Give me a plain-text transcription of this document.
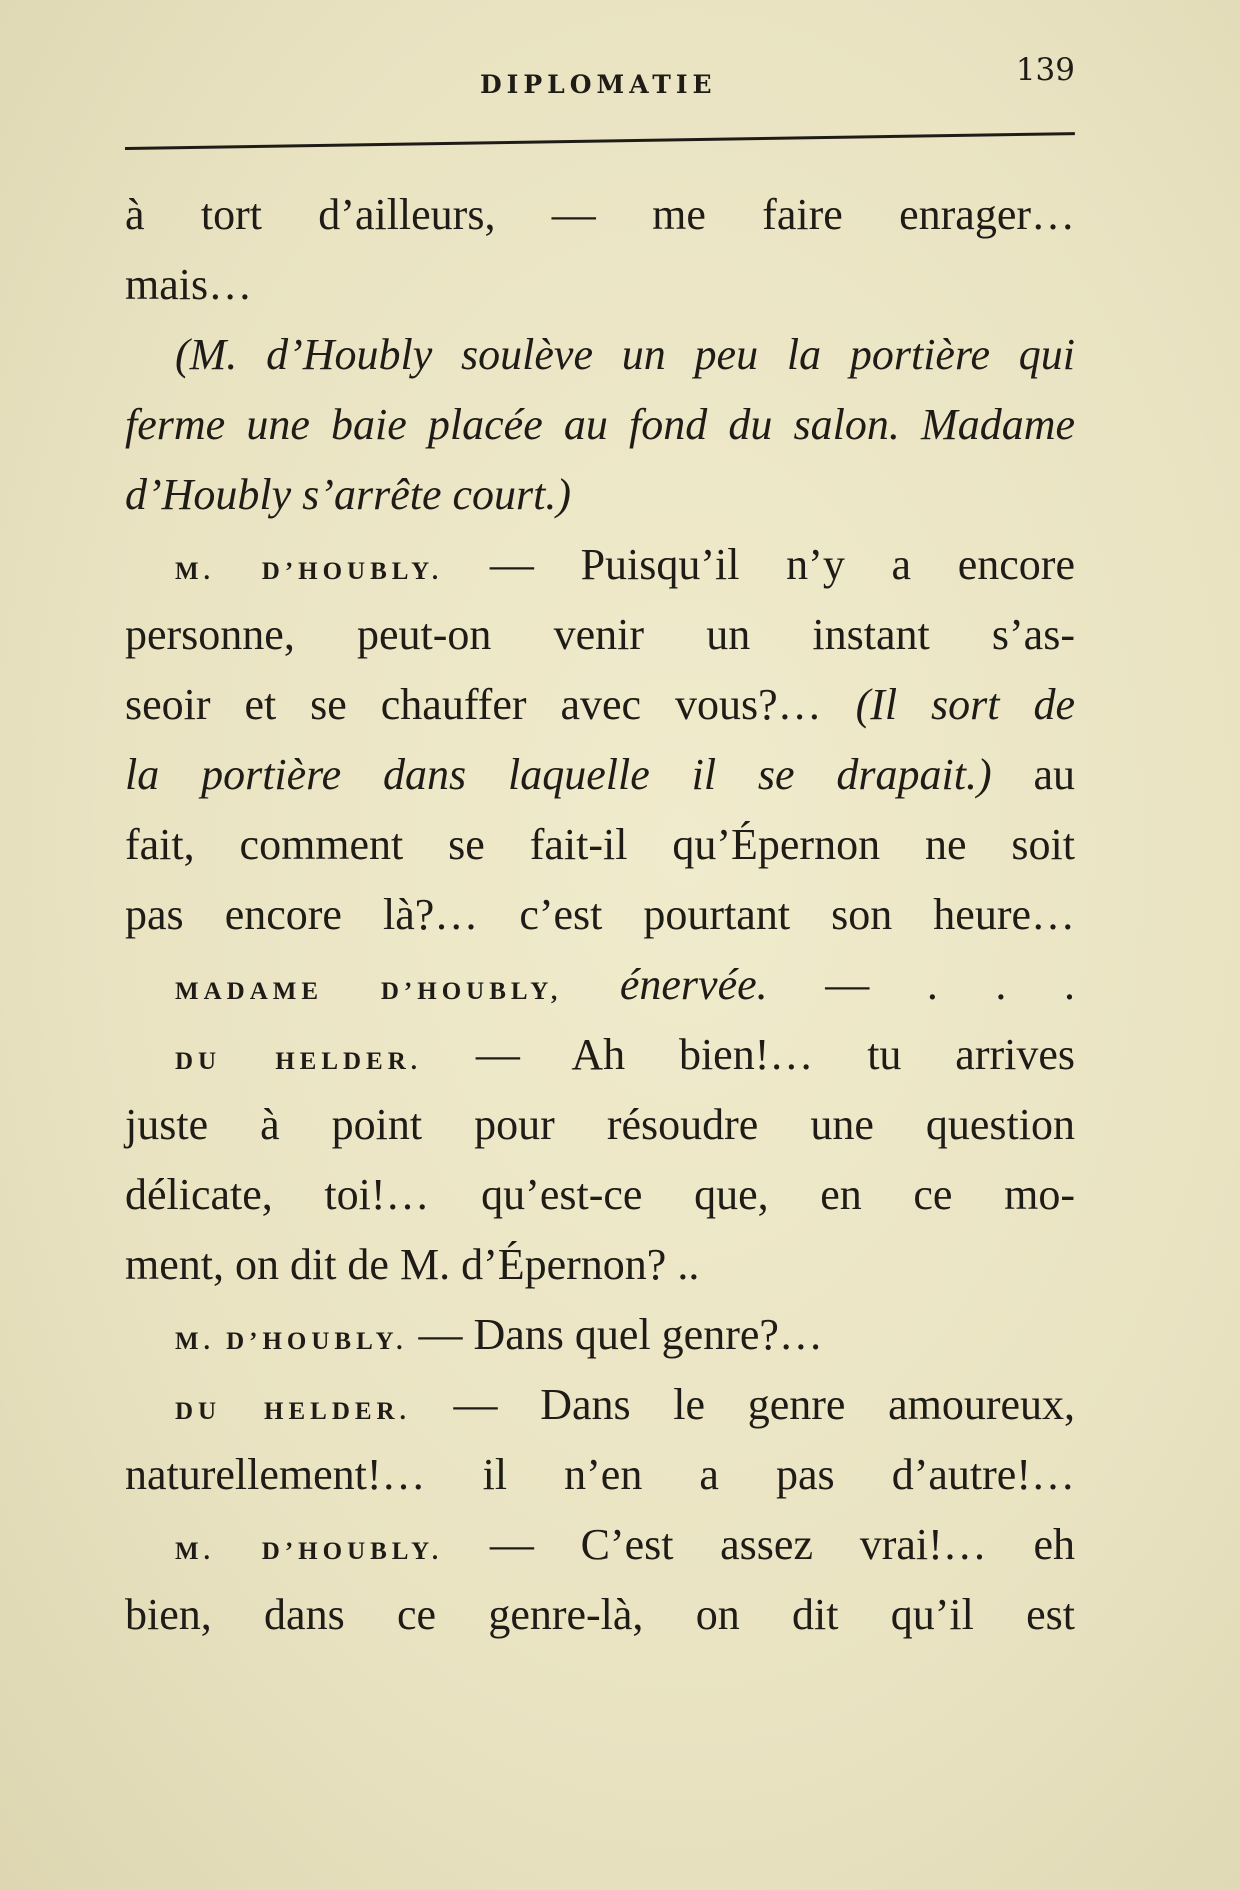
DIPLOMATIE	139
à tort d’ailleurs, — me faire enrager…
mais…
(M. d’Houbly soulève un peu la portière qui
ferme une baie placée au fond du salon. Madame
d’Houbly s’arrête court.)
M. D’HOUBLY. — Puisqu’il n’y a encore
personne, peut-on venir un instant s’as-
seoir et se chauffer avec vous?… (Il sort de
la portière dans laquelle il se drapait.) au
fait, comment se fait-il qu’Épernon ne soit
pas encore là?… c’est pourtant son heure…
MADAME D’HOUBLY, énervée. — . . .
DU HELDER. — Ah bien!… tu arrives
juste à point pour résoudre une question
délicate, toi!… qu’est-ce que, en ce mo-
ment, on dit de M. d’Épernon? ..
M. D’HOUBLY. — Dans quel genre?…
DU HELDER. — Dans le genre amoureux,
naturellement!… il n’en a pas d’autre!…
M. D’HOUBLY. — C’est assez vrai!… eh
bien, dans ce genre-là, on dit qu’il est
